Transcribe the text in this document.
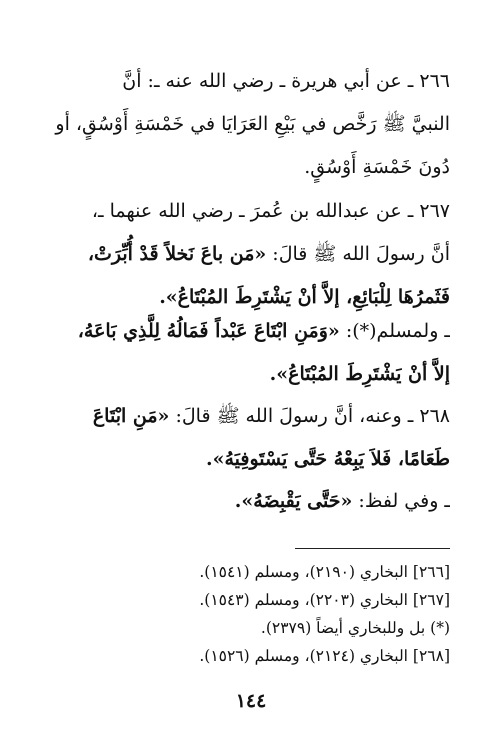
٢٦٦ ـ عن أبي هريرة ـ رضي الله عنه ـ: أنَّ
النبيَّ ﷺ رَخَّص في بَيْعِ العَرَايَا في خَمْسَةِ أَوْسُقٍ، أو
دُونَ خَمْسَةِ أَوْسُقٍ.
٢٦٧ ـ عن عبدالله بن عُمرَ ـ رضي الله عنهما ـ،
أنَّ رسولَ الله ﷺ قالَ: «مَن باعَ نَخلاً قَدْ أُبِّرَتْ،
فَثَمرُهَا لِلْبَائِعِ، إلاَّ أنْ يَشْتَرِطَ المُبْتَاعُ».
ـ ولمسلم(*): «وَمَنِ ابْتَاعَ عَبْداً فَمَالُهُ لِلَّذِي بَاعَهُ،
إلاَّ أنْ يَشْتَرِطَ المُبْتَاعُ».
٢٦٨ ـ وعنه، أنَّ رسولَ الله ﷺ قالَ: «مَنِ ابْتَاعَ
طَعَامًا، فَلاَ يَبِعْهُ حَتَّى يَسْتَوفِيَهُ».
ـ وفي لفظ: «حَتَّى يَقْبِضَهُ».
[٢٦٦] البخاري (٢١٩٠)، ومسلم (١٥٤١).
[٢٦٧] البخاري (٢٢٠٣)، ومسلم (١٥٤٣).
(*) بل وللبخاري أيضاً (٢٣٧٩).
[٢٦٨] البخاري (٢١٢٤)، ومسلم (١٥٢٦).
١٤٤
